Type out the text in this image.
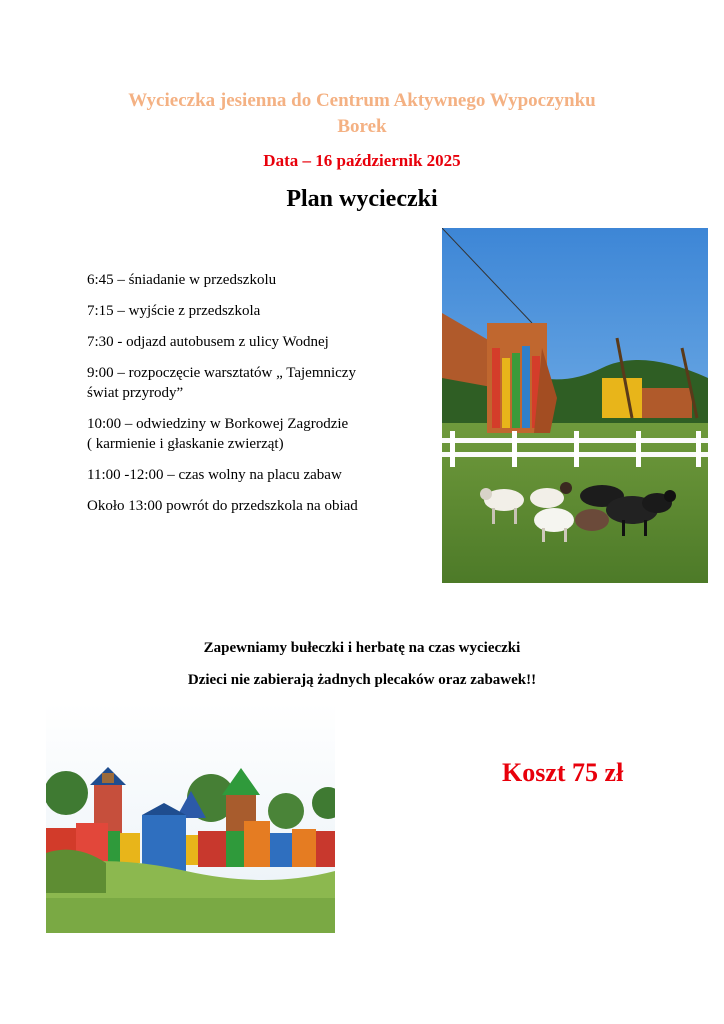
Wycieczka jesienna do Centrum Aktywnego Wypoczynku
Borek
Data – 16 październik 2025
Plan wycieczki
6:45 – śniadanie w przedszkolu
7:15 – wyjście z przedszkola
7:30 - odjazd autobusem z ulicy Wodnej
9:00 – rozpoczęcie warsztatów „ Tajemniczy
świat przyrody”
10:00 – odwiedziny w Borkowej Zagrodzie
( karmienie i głaskanie zwierząt)
11:00 -12:00 – czas wolny na placu zabaw
Około 13:00 powrót do przedszkola na obiad
Zapewniamy bułeczki i herbatę na czas wycieczki
Dzieci nie zabierają żadnych plecaków oraz zabawek!!
Koszt 75 zł
